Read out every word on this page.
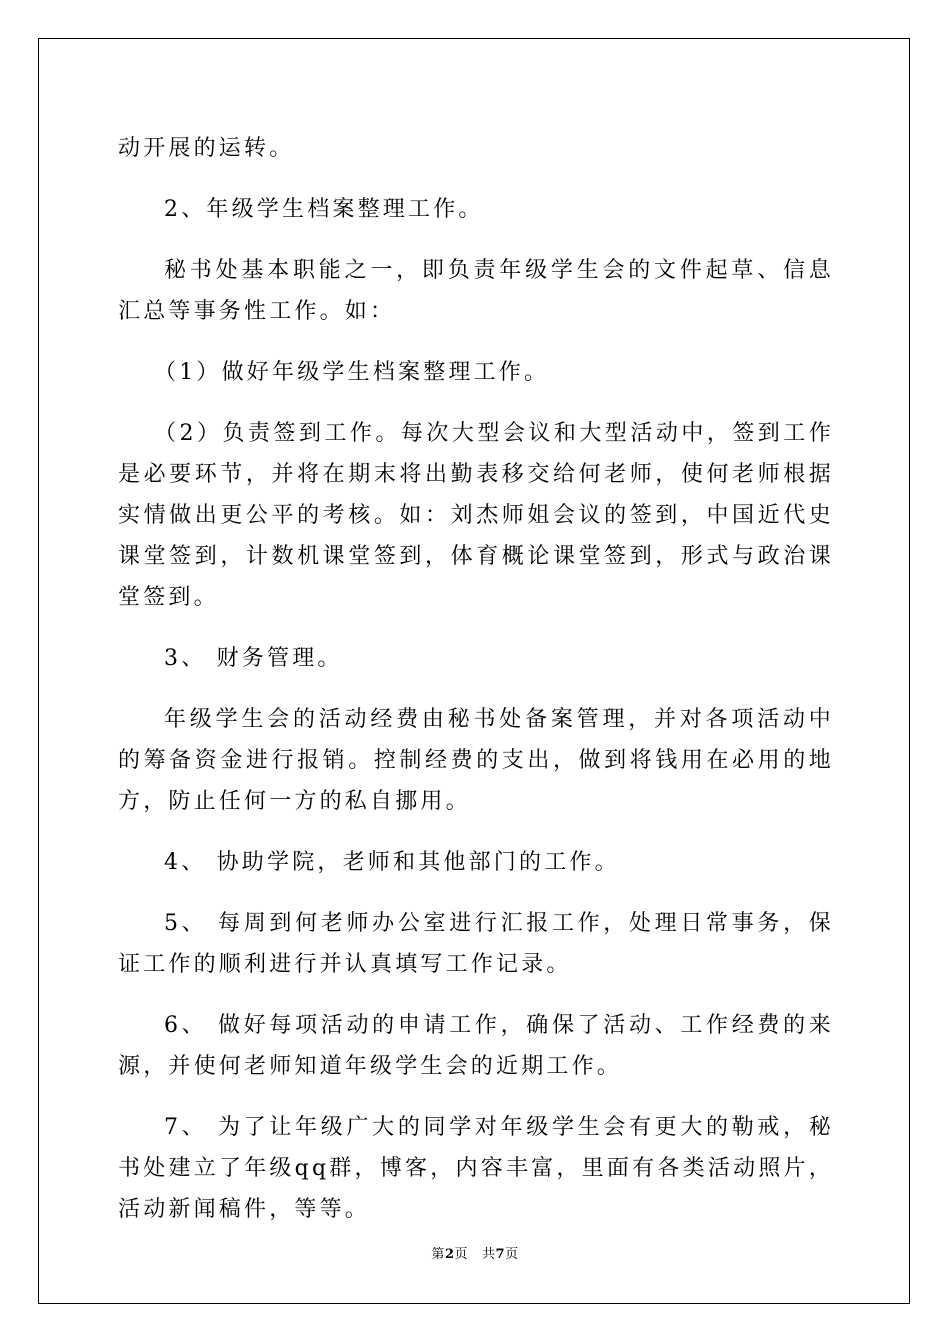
动开展的运转。

2、年级学生档案整理工作。

秘书处基本职能之一，即负责年级学生会的文件起草、信息汇总等事务性工作。如：

（1）做好年级学生档案整理工作。

（2）负责签到工作。每次大型会议和大型活动中，签到工作是必要环节，并将在期末将出勤表移交给何老师，使何老师根据实情做出更公平的考核。如：刘杰师姐会议的签到，中国近代史课堂签到，计数机课堂签到，体育概论课堂签到，形式与政治课堂签到。

3、 财务管理。

年级学生会的活动经费由秘书处备案管理，并对各项活动中的筹备资金进行报销。控制经费的支出，做到将钱用在必用的地方，防止任何一方的私自挪用。

4、 协助学院，老师和其他部门的工作。

5、 每周到何老师办公室进行汇报工作，处理日常事务，保证工作的顺利进行并认真填写工作记录。

6、 做好每项活动的申请工作，确保了活动、工作经费的来源，并使何老师知道年级学生会的近期工作。

7、 为了让年级广大的同学对年级学生会有更大的勒戒，秘书处建立了年级qq群，博客，内容丰富，里面有各类活动照片，活动新闻稿件，等等。

第2页 共7页
